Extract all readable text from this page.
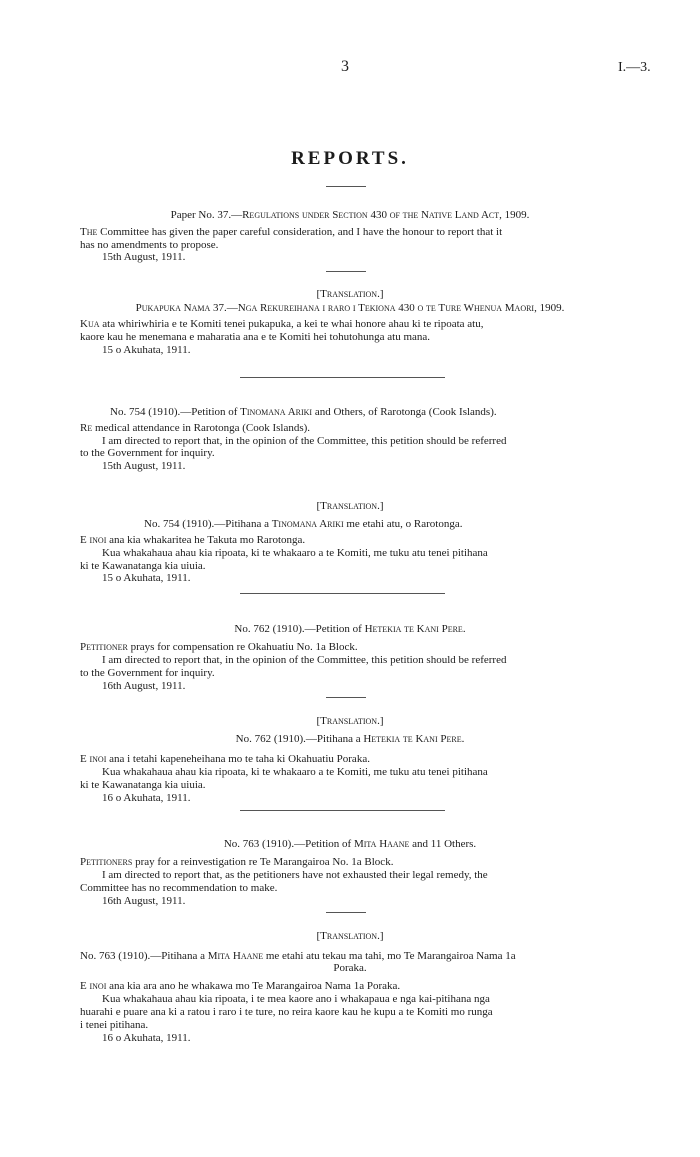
3	I.—3.
REPORTS.
Paper No. 37.—Regulations under Section 430 of the Native Land Act, 1909.
The Committee has given the paper careful consideration, and I have the honour to report that it
has no amendments to propose.
15th August, 1911.
[Translation.]
Pukapuka Nama 37.—Nga Rekureihana i raro i Tekiona 430 o te Ture Whenua Maori, 1909.
Kua ata whiriwhiria e te Komiti tenei pukapuka, a kei te whai honore ahau ki te ripoata atu,
kaore kau he menemana e maharatia ana e te Komiti hei tohutohunga atu mana.
15 o Akuhata, 1911.
No. 754 (1910).—Petition of Tinomana Ariki and Others, of Rarotonga (Cook Islands).
Re medical attendance in Rarotonga (Cook Islands).
I am directed to report that, in the opinion of the Committee, this petition should be referred
to the Government for inquiry.
15th August, 1911.
[Translation.]
No. 754 (1910).—Pitihana a Tinomana Ariki me etahi atu, o Rarotonga.
E inoi ana kia whakaritea he Takuta mo Rarotonga.
Kua whakahaua ahau kia ripoata, ki te whakaaro a te Komiti, me tuku atu tenei pitihana
ki te Kawanatanga kia uiuia.
15 o Akuhata, 1911.
No. 762 (1910).—Petition of Hetekia te Kani Pere.
Petitioner prays for compensation re Okahuatiu No. 1a Block.
I am directed to report that, in the opinion of the Committee, this petition should be referred
to the Government for inquiry.
16th August, 1911.
[Translation.]
No. 762 (1910).—Pitihana a Hetekia te Kani Pere.
E inoi ana i tetahi kapeneheihana mo te taha ki Okahuatiu Poraka.
Kua whakahaua ahau kia ripoata, ki te whakaaro a te Komiti, me tuku atu tenei pitihana
ki te Kawanatanga kia uiuia.
16 o Akuhata, 1911.
No. 763 (1910).—Petition of Mita Haane and 11 Others.
Petitioners pray for a reinvestigation re Te Marangairoa No. 1a Block.
I am directed to report that, as the petitioners have not exhausted their legal remedy, the
Committee has no recommendation to make.
16th August, 1911.
[Translation.]
No. 763 (1910).—Pitihana a Mita Haane me etahi atu tekau ma tahi, mo Te Marangairoa Nama 1a
Poraka.
E inoi ana kia ara ano he whakawa mo Te Marangairoa Nama 1a Poraka.
Kua whakahaua ahau kia ripoata, i te mea kaore ano i whakapaua e nga kai-pitihana nga
huarahi e puare ana ki a ratou i raro i te ture, no reira kaore kau he kupu a te Komiti mo runga
i tenei pitihana.
16 o Akuhata, 1911.
